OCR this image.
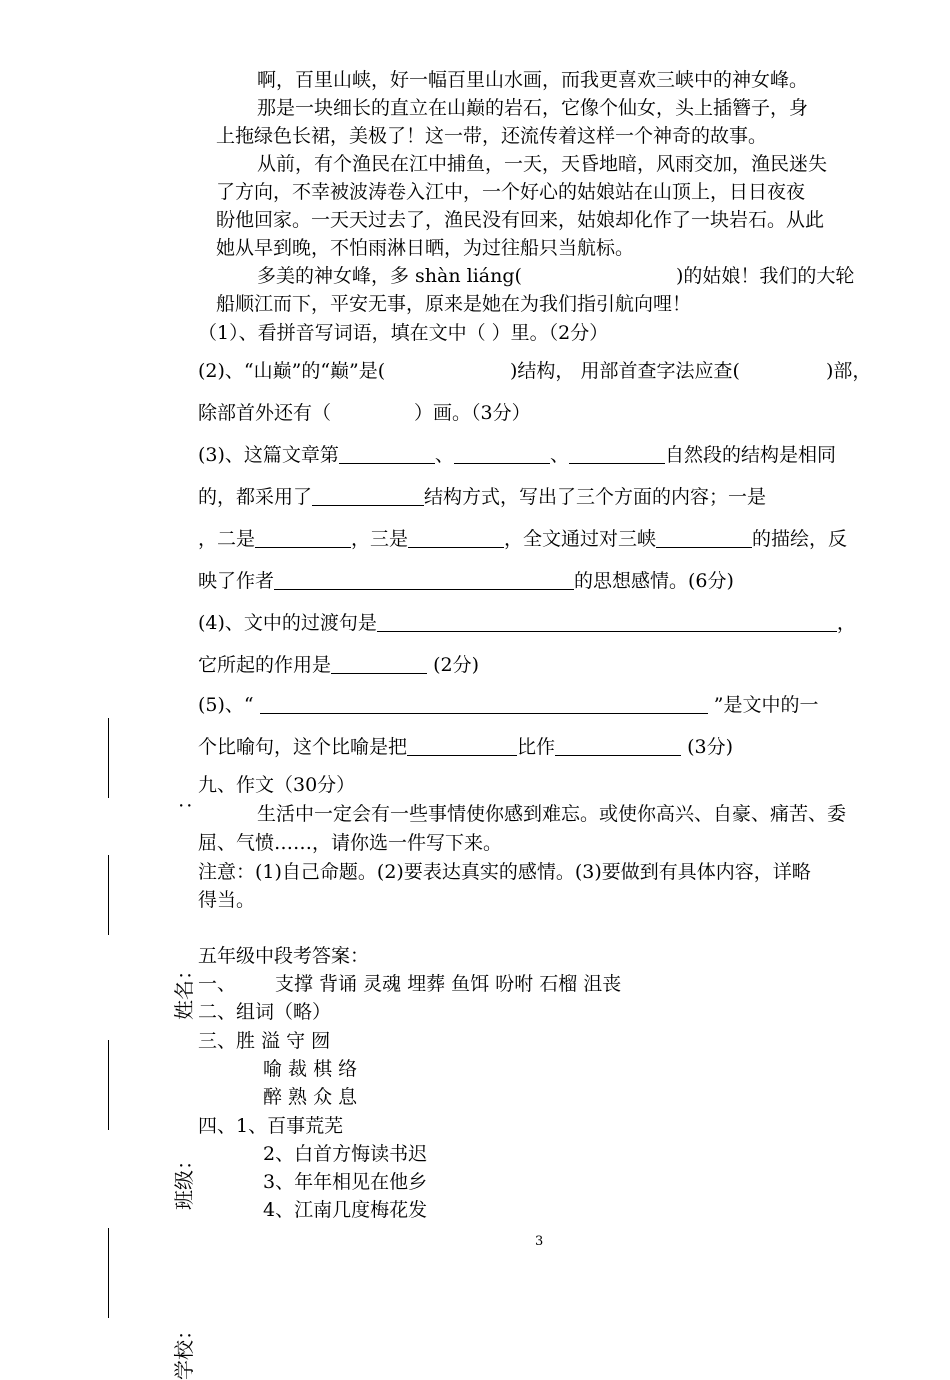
啊，百里山峡，好一幅百里山水画，而我更喜欢三峡中的神女峰。
那是一块细长的直立在山巅的岩石，它像个仙女，头上插簪子，身
上拖绿色长裙，美极了！这一带，还流传着这样一个神奇的故事。
从前，有个渔民在江中捕鱼，一天，天昏地暗，风雨交加，渔民迷失
了方向，不幸被波涛卷入江中，一个好心的姑娘站在山顶上，日日夜夜
盼他回家。一天天过去了，渔民没有回来，姑娘却化作了一块岩石。从此
她从早到晚，不怕雨淋日晒，为过往船只当航标。
多美的神女峰，多 shàn liáng(	)的姑娘！我们的大轮
船顺江而下，平安无事，原来是她在为我们指引航向哩！
（1）、看拼音写词语，填在文中（ ）里。（2分）
(2)、“山巅”的“巅”是(	)结构， 用部首查字法应查(	)部，
除部首外还有（	）画。（3分）
(3)、这篇文章第	、	、	自然段的结构是相同
的，都采用了	结构方式，写出了三个方面的内容；一是
，二是	，三是	，全文通过对三峡	的描绘，反
映了作者	的思想感情。(6分)
(4)、文中的过渡句是	，
它所起的作用是	(2分)
(5)、“	”是文中的一
个比喻句，这个比喻是把	比作	(3分)
九、作文（30分）
生活中一定会有一些事情使你感到难忘。或使你高兴、自豪、痛苦、委
屈、气愤……，请你选一件写下来。
注意：(1)自己命题。(2)要表达真实的感情。(3)要做到有具体内容，详略
得当。
五年级中段考答案：
一、 支撑 背诵 灵魂 埋葬 鱼饵 吩咐 石榴 沮丧
二、组词（略）
三、胜 溢 守 囫
喻 裁 棋 络
醉 熟 众 息
四、1、百事荒芜
2、白首方悔读书迟
3、年年相见在他乡
4、江南几度梅花发
3
：
姓名：
班级：
学校：
